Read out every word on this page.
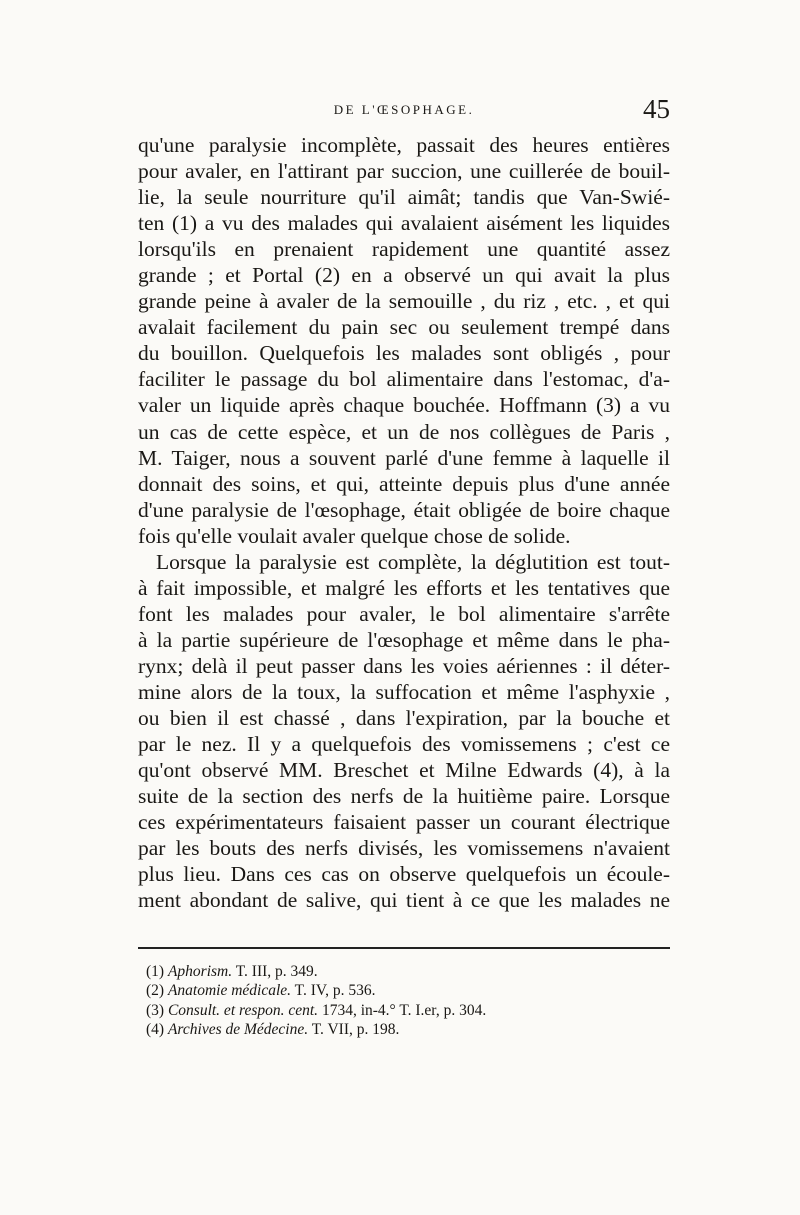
DE L'ŒSOPHAGE.	45
qu'une paralysie incomplète, passait des heures entières
pour avaler, en l'attirant par succion, une cuillerée de bouil-
lie, la seule nourriture qu'il aimât; tandis que Van-Swié-
ten (1) a vu des malades qui avalaient aisément les liquides
lorsqu'ils en prenaient rapidement une quantité assez
grande ; et Portal (2) en a observé un qui avait la plus
grande peine à avaler de la semouille , du riz , etc. , et qui
avalait facilement du pain sec ou seulement trempé dans
du bouillon. Quelquefois les malades sont obligés , pour
faciliter le passage du bol alimentaire dans l'estomac, d'a-
valer un liquide après chaque bouchée. Hoffmann (3) a vu
un cas de cette espèce, et un de nos collègues de Paris ,
M. Taiger, nous a souvent parlé d'une femme à laquelle il
donnait des soins, et qui, atteinte depuis plus d'une année
d'une paralysie de l'œsophage, était obligée de boire chaque
fois qu'elle voulait avaler quelque chose de solide.
Lorsque la paralysie est complète, la déglutition est tout-
à fait impossible, et malgré les efforts et les tentatives que
font les malades pour avaler, le bol alimentaire s'arrête
à la partie supérieure de l'œsophage et même dans le pha-
rynx; delà il peut passer dans les voies aériennes : il déter-
mine alors de la toux, la suffocation et même l'asphyxie ,
ou bien il est chassé , dans l'expiration, par la bouche et
par le nez. Il y a quelquefois des vomissemens ; c'est ce
qu'ont observé MM. Breschet et Milne Edwards (4), à la
suite de la section des nerfs de la huitième paire. Lorsque
ces expérimentateurs faisaient passer un courant électrique
par les bouts des nerfs divisés, les vomissemens n'avaient
plus lieu. Dans ces cas on observe quelquefois un écoule-
ment abondant de salive, qui tient à ce que les malades ne
(1) Aphorism. T. III, p. 349.
(2) Anatomie médicale. T. IV, p. 536.
(3) Consult. et respon. cent. 1734, in-4.° T. I.er, p. 304.
(4) Archives de Médecine. T. VII, p. 198.
